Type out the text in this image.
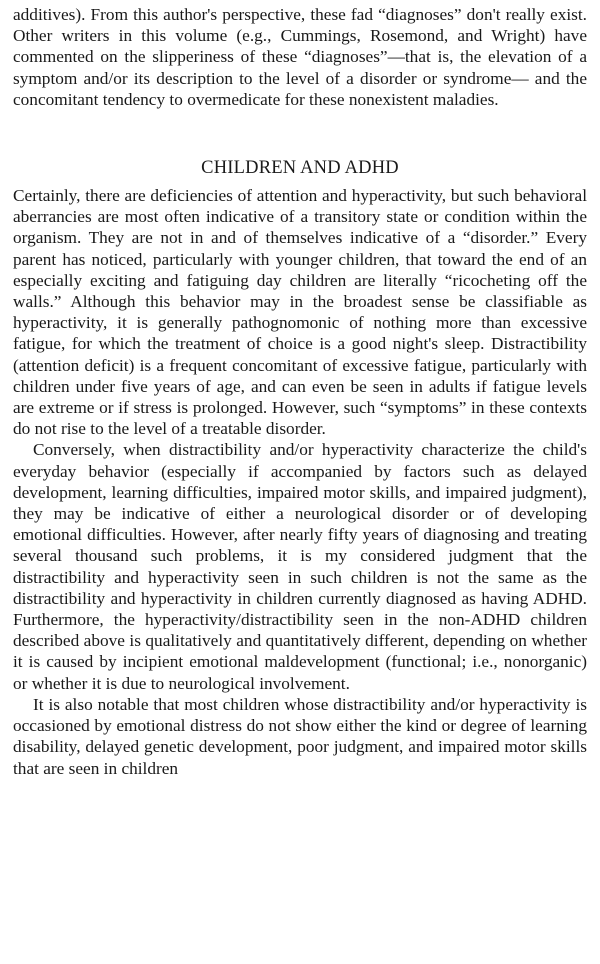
additives). From this author's perspective, these fad “diagnoses” don't really exist. Other writers in this volume (e.g., Cummings, Rosemond, and Wright) have commented on the slipperiness of these “diagnoses”—that is, the elevation of a symptom and/or its description to the level of a disorder or syndrome— and the concomitant tendency to overmedicate for these nonexistent maladies.

CHILDREN AND ADHD

Certainly, there are deficiencies of attention and hyperactivity, but such behavioral aberrancies are most often indicative of a transitory state or condition within the organism. They are not in and of themselves indicative of a “disorder.” Every parent has noticed, particularly with younger children, that toward the end of an especially exciting and fatiguing day children are literally “ricocheting off the walls.” Although this behavior may in the broadest sense be classifiable as hyperactivity, it is generally pathognomonic of nothing more than excessive fatigue, for which the treatment of choice is a good night's sleep. Distractibility (attention deficit) is a frequent concomitant of excessive fatigue, particularly with children under five years of age, and can even be seen in adults if fatigue levels are extreme or if stress is prolonged. However, such “symptoms” in these contexts do not rise to the level of a treatable disorder.

Conversely, when distractibility and/or hyperactivity characterize the child's everyday behavior (especially if accompanied by factors such as delayed development, learning difficulties, impaired motor skills, and impaired judgment), they may be indicative of either a neurological disorder or of developing emotional difficulties. However, after nearly fifty years of diagnosing and treating several thousand such problems, it is my considered judgment that the distractibility and hyperactivity seen in such children is not the same as the distractibility and hyperactivity in children currently diagnosed as having ADHD. Furthermore, the hyperactivity/distractibility seen in the non-ADHD children described above is qualitatively and quantitatively different, depending on whether it is caused by incipient emotional maldevelopment (functional; i.e., nonorganic) or whether it is due to neurological involvement.

It is also notable that most children whose distractibility and/or hyperactivity is occasioned by emotional distress do not show either the kind or degree of learning disability, delayed genetic development, poor judgment, and impaired motor skills that are seen in children
